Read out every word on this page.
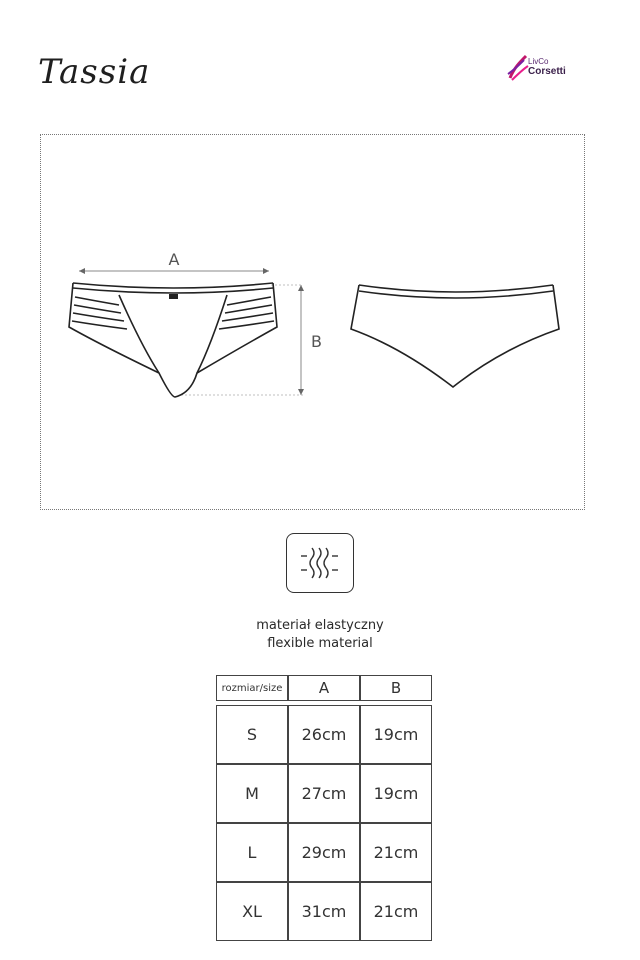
Tassia	LivCo
Corsetti
A
B
materiał elastyczny
flexible material
rozmiar/size	A	B

S	26cm	19cm
M	27cm	19cm
L	29cm	21cm
XL	31cm	21cm
